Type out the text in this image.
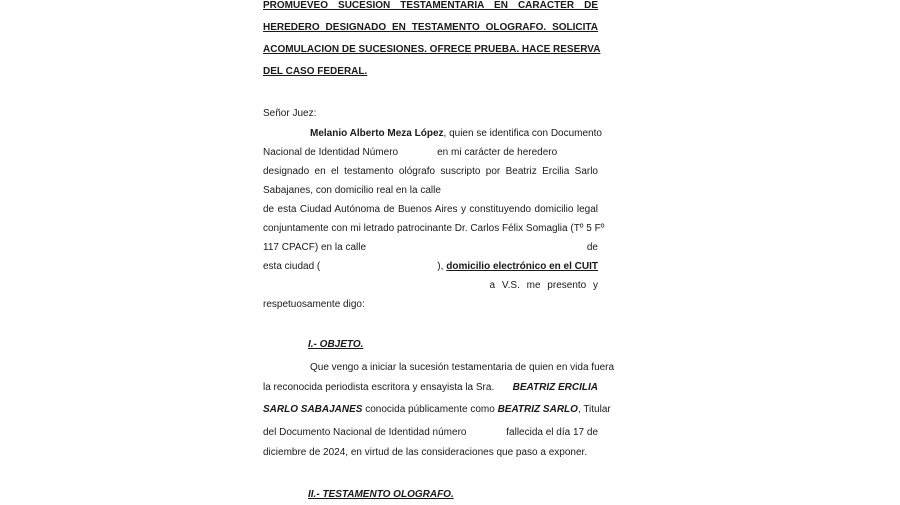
PROMUEVEO SUCESION TESTAMENTARIA EN CARÁCTER DE
HEREDERO DESIGNADO EN TESTAMENTO OLOGRAFO. SOLICITA
ACOMULACION DE SUCESIONES. OFRECE PRUEBA. HACE RESERVA
DEL CASO FEDERAL.
Señor Juez:
Melanio Alberto Meza López, quien se identifica con Documento
Nacional de Identidad Número	en mi carácter de heredero
designado en el testamento ológrafo suscripto por Beatriz Ercilia Sarlo
Sabajanes, con domicilio real en la calle
de esta Ciudad Autónoma de Buenos Aires y constituyendo domicilio legal
conjuntamente con mi letrado patrocinante Dr. Carlos Félix Somaglia (Tº 5 Fº
117 CPACF) en la calle	de
esta ciudad (	), domicilio electrónico en el CUIT
a V.S. me presento y
respetuosamente digo:
I.- OBJETO.
Que vengo a iniciar la sucesión testamentaria de quien en vida fuera
la reconocida periodista escritora y ensayista la Sra. BEATRIZ ERCILIA
SARLO SABAJANES conocida públicamente como BEATRIZ SARLO, Titular
del Documento Nacional de Identidad número	fallecida el día 17 de
diciembre de 2024, en virtud de las consideraciones que paso a exponer.
II.- TESTAMENTO OLOGRAFO.
